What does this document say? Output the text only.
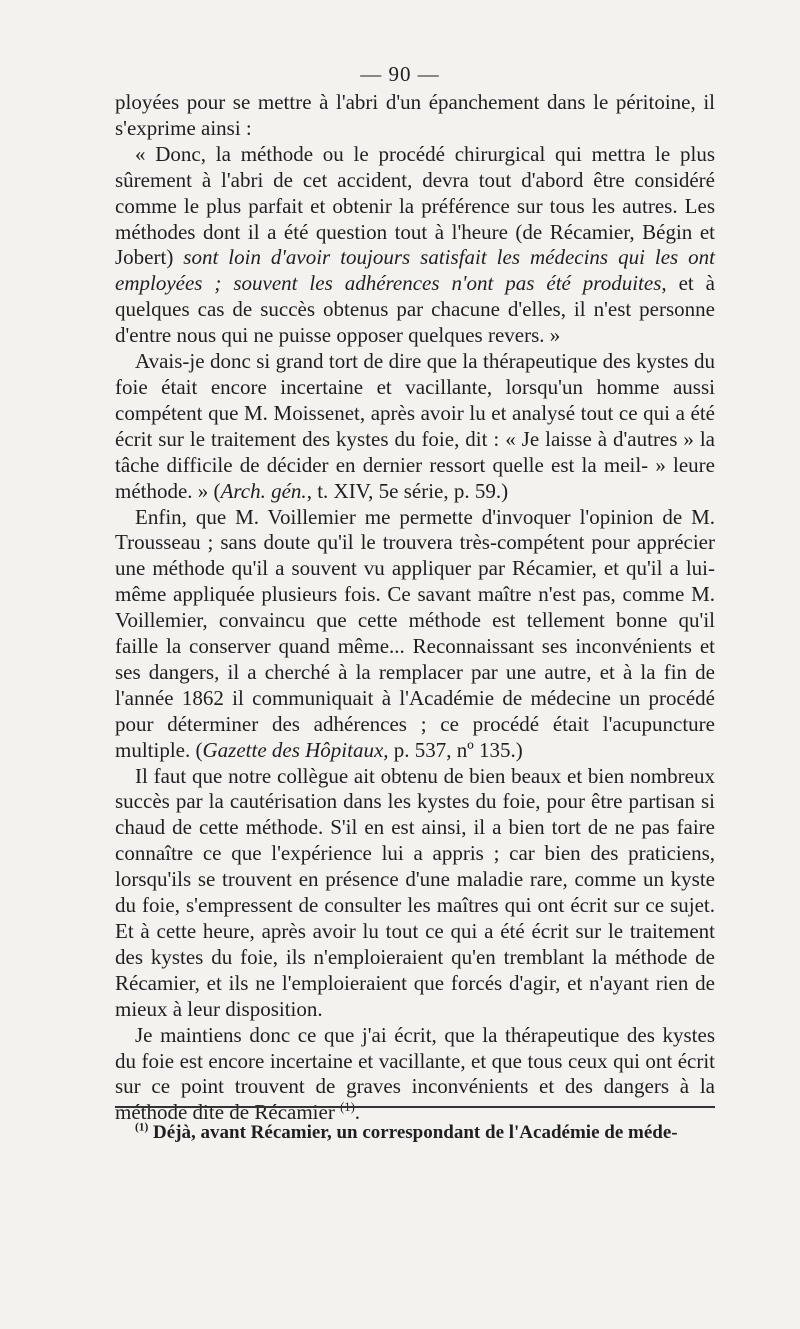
— 90 —

ployées pour se mettre à l'abri d'un épanchement dans le péritoine, il s'exprime ainsi :

« Donc, la méthode ou le procédé chirurgical qui mettra le plus sûrement à l'abri de cet accident, devra tout d'abord être considéré comme le plus parfait et obtenir la préférence sur tous les autres. Les méthodes dont il a été question tout à l'heure (de Récamier, Bégin et Jobert) sont loin d'avoir toujours satisfait les médecins qui les ont employées ; souvent les adhérences n'ont pas été produites, et à quelques cas de succès obtenus par chacune d'elles, il n'est personne d'entre nous qui ne puisse opposer quelques revers. »

Avais-je donc si grand tort de dire que la thérapeutique des kystes du foie était encore incertaine et vacillante, lorsqu'un homme aussi compétent que M. Moissenet, après avoir lu et analysé tout ce qui a été écrit sur le traitement des kystes du foie, dit : « Je laisse à d'autres » la tâche difficile de décider en dernier ressort quelle est la meil- » leure méthode. » (Arch. gén., t. XIV, 5e série, p. 59.)

Enfin, que M. Voillemier me permette d'invoquer l'opinion de M. Trousseau ; sans doute qu'il le trouvera très-compétent pour apprécier une méthode qu'il a souvent vu appliquer par Récamier, et qu'il a lui-même appliquée plusieurs fois. Ce savant maître n'est pas, comme M. Voillemier, convaincu que cette méthode est tellement bonne qu'il faille la conserver quand même... Reconnaissant ses inconvénients et ses dangers, il a cherché à la remplacer par une autre, et à la fin de l'année 1862 il communiquait à l'Académie de médecine un procédé pour déterminer des adhérences ; ce procédé était l'acupuncture multiple. (Gazette des Hôpitaux, p. 537, nº 135.)

Il faut que notre collègue ait obtenu de bien beaux et bien nombreux succès par la cautérisation dans les kystes du foie, pour être partisan si chaud de cette méthode. S'il en est ainsi, il a bien tort de ne pas faire connaître ce que l'expérience lui a appris ; car bien des praticiens, lorsqu'ils se trouvent en présence d'une maladie rare, comme un kyste du foie, s'empressent de consulter les maîtres qui ont écrit sur ce sujet. Et à cette heure, après avoir lu tout ce qui a été écrit sur le traitement des kystes du foie, ils n'emploieraient qu'en tremblant la méthode de Récamier, et ils ne l'emploieraient que forcés d'agir, et n'ayant rien de mieux à leur disposition.

Je maintiens donc ce que j'ai écrit, que la thérapeutique des kystes du foie est encore incertaine et vacillante, et que tous ceux qui ont écrit sur ce point trouvent de graves inconvénients et des dangers à la méthode dite de Récamier $^{(1)}$.

$^{(1)}$ Déjà, avant Récamier, un correspondant de l'Académie de méde-
